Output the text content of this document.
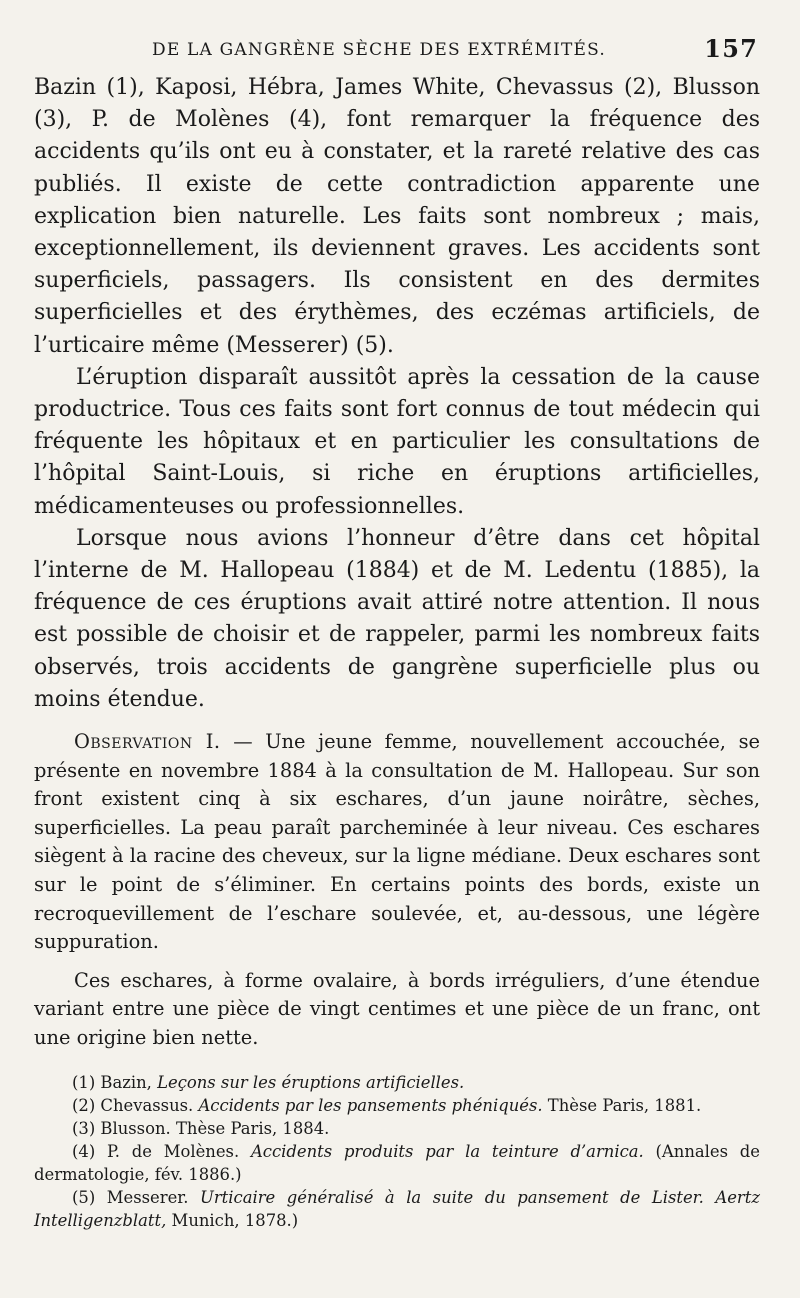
DE LA GANGRÈNE SÈCHE DES EXTRÉMITÉS.	157

Bazin (1), Kaposi, Hébra, James White, Chevassus (2), Blusson (3), P. de Molènes (4), font remarquer la fréquence des accidents qu’ils ont eu à constater, et la rareté relative des cas publiés. Il existe de cette contradiction apparente une explication bien naturelle. Les faits sont nombreux ; mais, exceptionnellement, ils deviennent graves. Les accidents sont superficiels, passagers. Ils consistent en des dermites superficielles et des érythèmes, des eczémas artificiels, de l’urticaire même (Messerer) (5).

L’éruption disparaît aussitôt après la cessation de la cause productrice. Tous ces faits sont fort connus de tout médecin qui fréquente les hôpitaux et en particulier les consultations de l’hôpital Saint-Louis, si riche en éruptions artificielles, médicamenteuses ou professionnelles.

Lorsque nous avions l’honneur d’être dans cet hôpital l’interne de M. Hallopeau (1884) et de M. Ledentu (1885), la fréquence de ces éruptions avait attiré notre attention. Il nous est possible de choisir et de rappeler, parmi les nombreux faits observés, trois accidents de gangrène superficielle plus ou moins étendue.

Observation I. — Une jeune femme, nouvellement accouchée, se présente en novembre 1884 à la consultation de M. Hallopeau. Sur son front existent cinq à six eschares, d’un jaune noirâtre, sèches, superficielles. La peau paraît parcheminée à leur niveau. Ces eschares siègent à la racine des cheveux, sur la ligne médiane. Deux eschares sont sur le point de s’éliminer. En certains points des bords, existe un recroquevillement de l’eschare soulevée, et, au-dessous, une légère suppuration.

Ces eschares, à forme ovalaire, à bords irréguliers, d’une étendue variant entre une pièce de vingt centimes et une pièce de un franc, ont une origine bien nette.

(1) Bazin, Leçons sur les éruptions artificielles.

(2) Chevassus. Accidents par les pansements phéniqués. Thèse Paris, 1881.

(3) Blusson. Thèse Paris, 1884.

(4) P. de Molènes. Accidents produits par la teinture d’arnica. (Annales de dermatologie, fév. 1886.)

(5) Messerer. Urticaire généralisé à la suite du pansement de Lister. Aertz Intelligenzblatt, Munich, 1878.)
